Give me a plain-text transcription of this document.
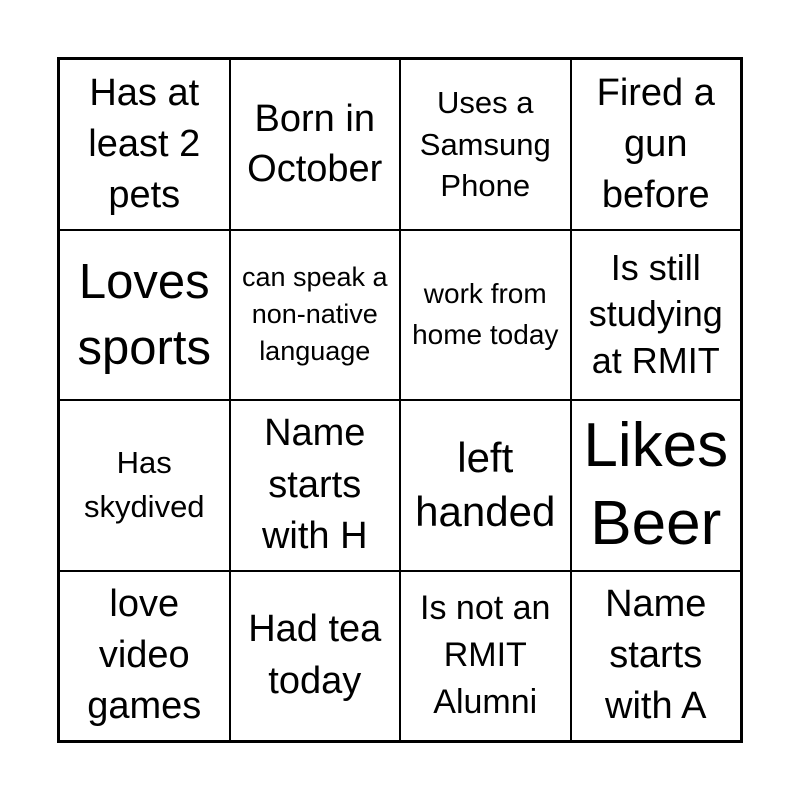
Has at least 2 pets
Born in October
Uses a Samsung Phone
Fired a gun before
Loves sports
can speak a non-native language
work from home today
Is still studying at RMIT
Has skydived
Name starts with H
left handed
Likes Beer
love video games
Had tea today
Is not an RMIT Alumni
Name starts with A
